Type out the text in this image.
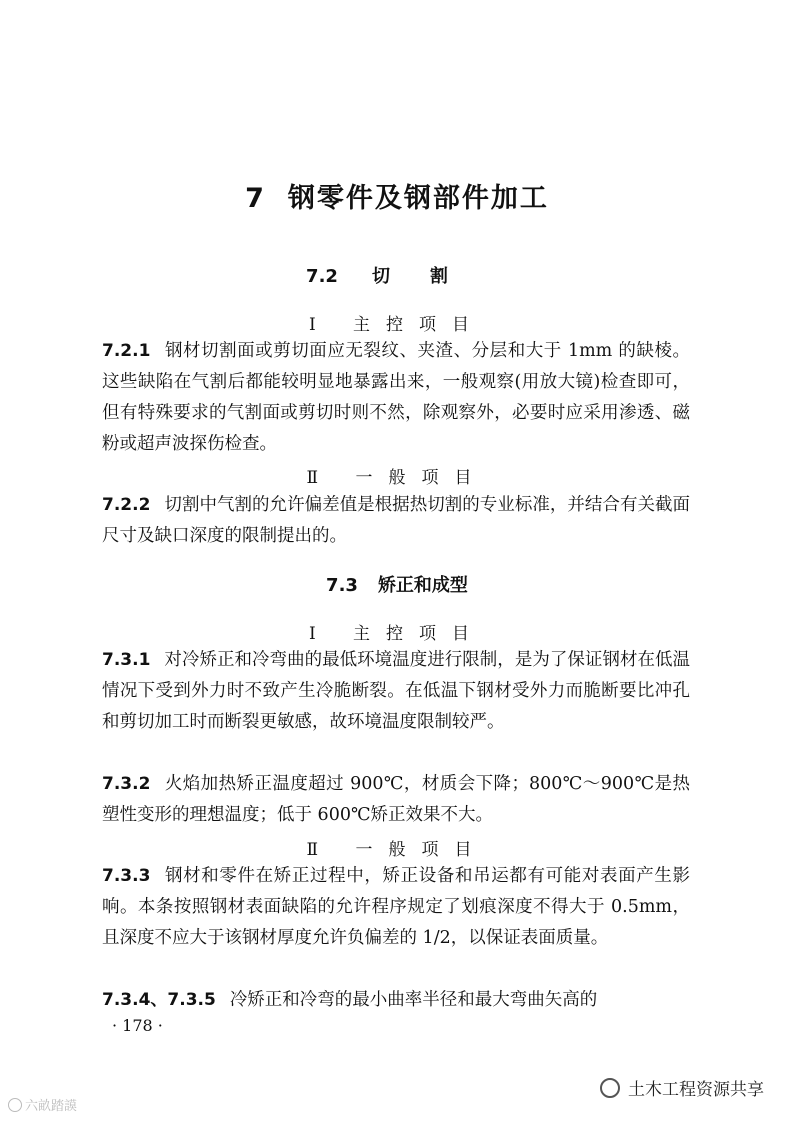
7 钢零件及钢部件加工
7.2 切割
Ⅰ 主控项目
7.2.1 钢材切割面或剪切面应无裂纹、夹渣、分层和大于 1mm 的缺棱。这些缺陷在气割后都能较明显地暴露出来，一般观察(用放大镜)检查即可，但有特殊要求的气割面或剪切时则不然，除观察外，必要时应采用渗透、磁粉或超声波探伤检查。
Ⅱ 一般项目
7.2.2 切割中气割的允许偏差值是根据热切割的专业标准，并结合有关截面尺寸及缺口深度的限制提出的。
7.3 矫正和成型
Ⅰ 主控项目
7.3.1 对冷矫正和冷弯曲的最低环境温度进行限制，是为了保证钢材在低温情况下受到外力时不致产生冷脆断裂。在低温下钢材受外力而脆断要比冲孔和剪切加工时而断裂更敏感，故环境温度限制较严。
7.3.2 火焰加热矫正温度超过 900℃，材质会下降；800℃～900℃是热塑性变形的理想温度；低于 600℃矫正效果不大。
Ⅱ 一般项目
7.3.3 钢材和零件在矫正过程中，矫正设备和吊运都有可能对表面产生影响。本条按照钢材表面缺陷的允许程序规定了划痕深度不得大于 0.5mm，且深度不应大于该钢材厚度允许负偏差的 1/2，以保证表面质量。
7.3.4、7.3.5 冷矫正和冷弯的最小曲率半径和最大弯曲矢高的
· 178 ·
六畝踏謨
土木工程资源共享
